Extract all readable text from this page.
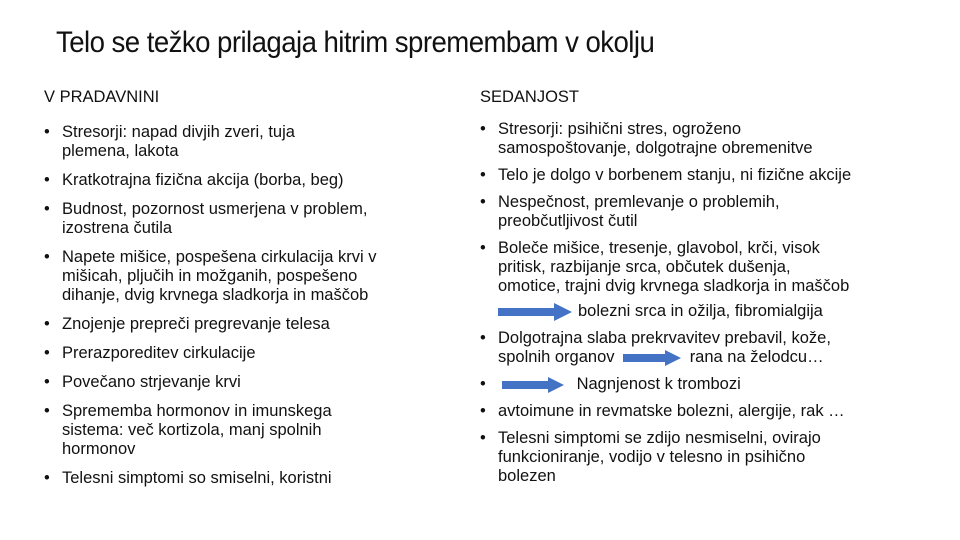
Telo se težko prilagaja hitrim spremembam v okolju
V PRADAVNINI
• Stresorji: napad divjih zveri, tuja
plemena, lakota
• Kratkotrajna fizična akcija (borba, beg)
• Budnost, pozornost usmerjena v problem,
izostrena čutila
• Napete mišice, pospešena cirkulacija krvi v
mišicah, pljučih in možganih, pospešeno
dihanje, dvig krvnega sladkorja in maščob
• Znojenje prepreči pregrevanje telesa
• Prerazporeditev cirkulacije
• Povečano strjevanje krvi
• Sprememba hormonov in imunskega
sistema: več kortizola, manj spolnih
hormonov
• Telesni simptomi so smiselni, koristni
SEDANJOST
• Stresorji: psihični stres, ogroženo
samospoštovanje, dolgotrajne obremenitve
• Telo je dolgo v borbenem stanju, ni fizične akcije
• Nespečnost, premlevanje o problemih,
preobčutljivost čutil
• Boleče mišice, tresenje, glavobol, krči, visok
pritisk, razbijanje srca, občutek dušenja,
omotice, trajni dvig krvnega sladkorja in maščob
bolezni srca in ožilja, fibromialgija
• Dolgotrajna slaba prekrvavitev prebavil, kože,
spolnih organov	rana na želodcu…
•	Nagnjenost k trombozi
• avtoimune in revmatske bolezni, alergije, rak …
• Telesni simptomi se zdijo nesmiselni, ovirajo
funkcioniranje, vodijo v telesno in psihično
bolezen
